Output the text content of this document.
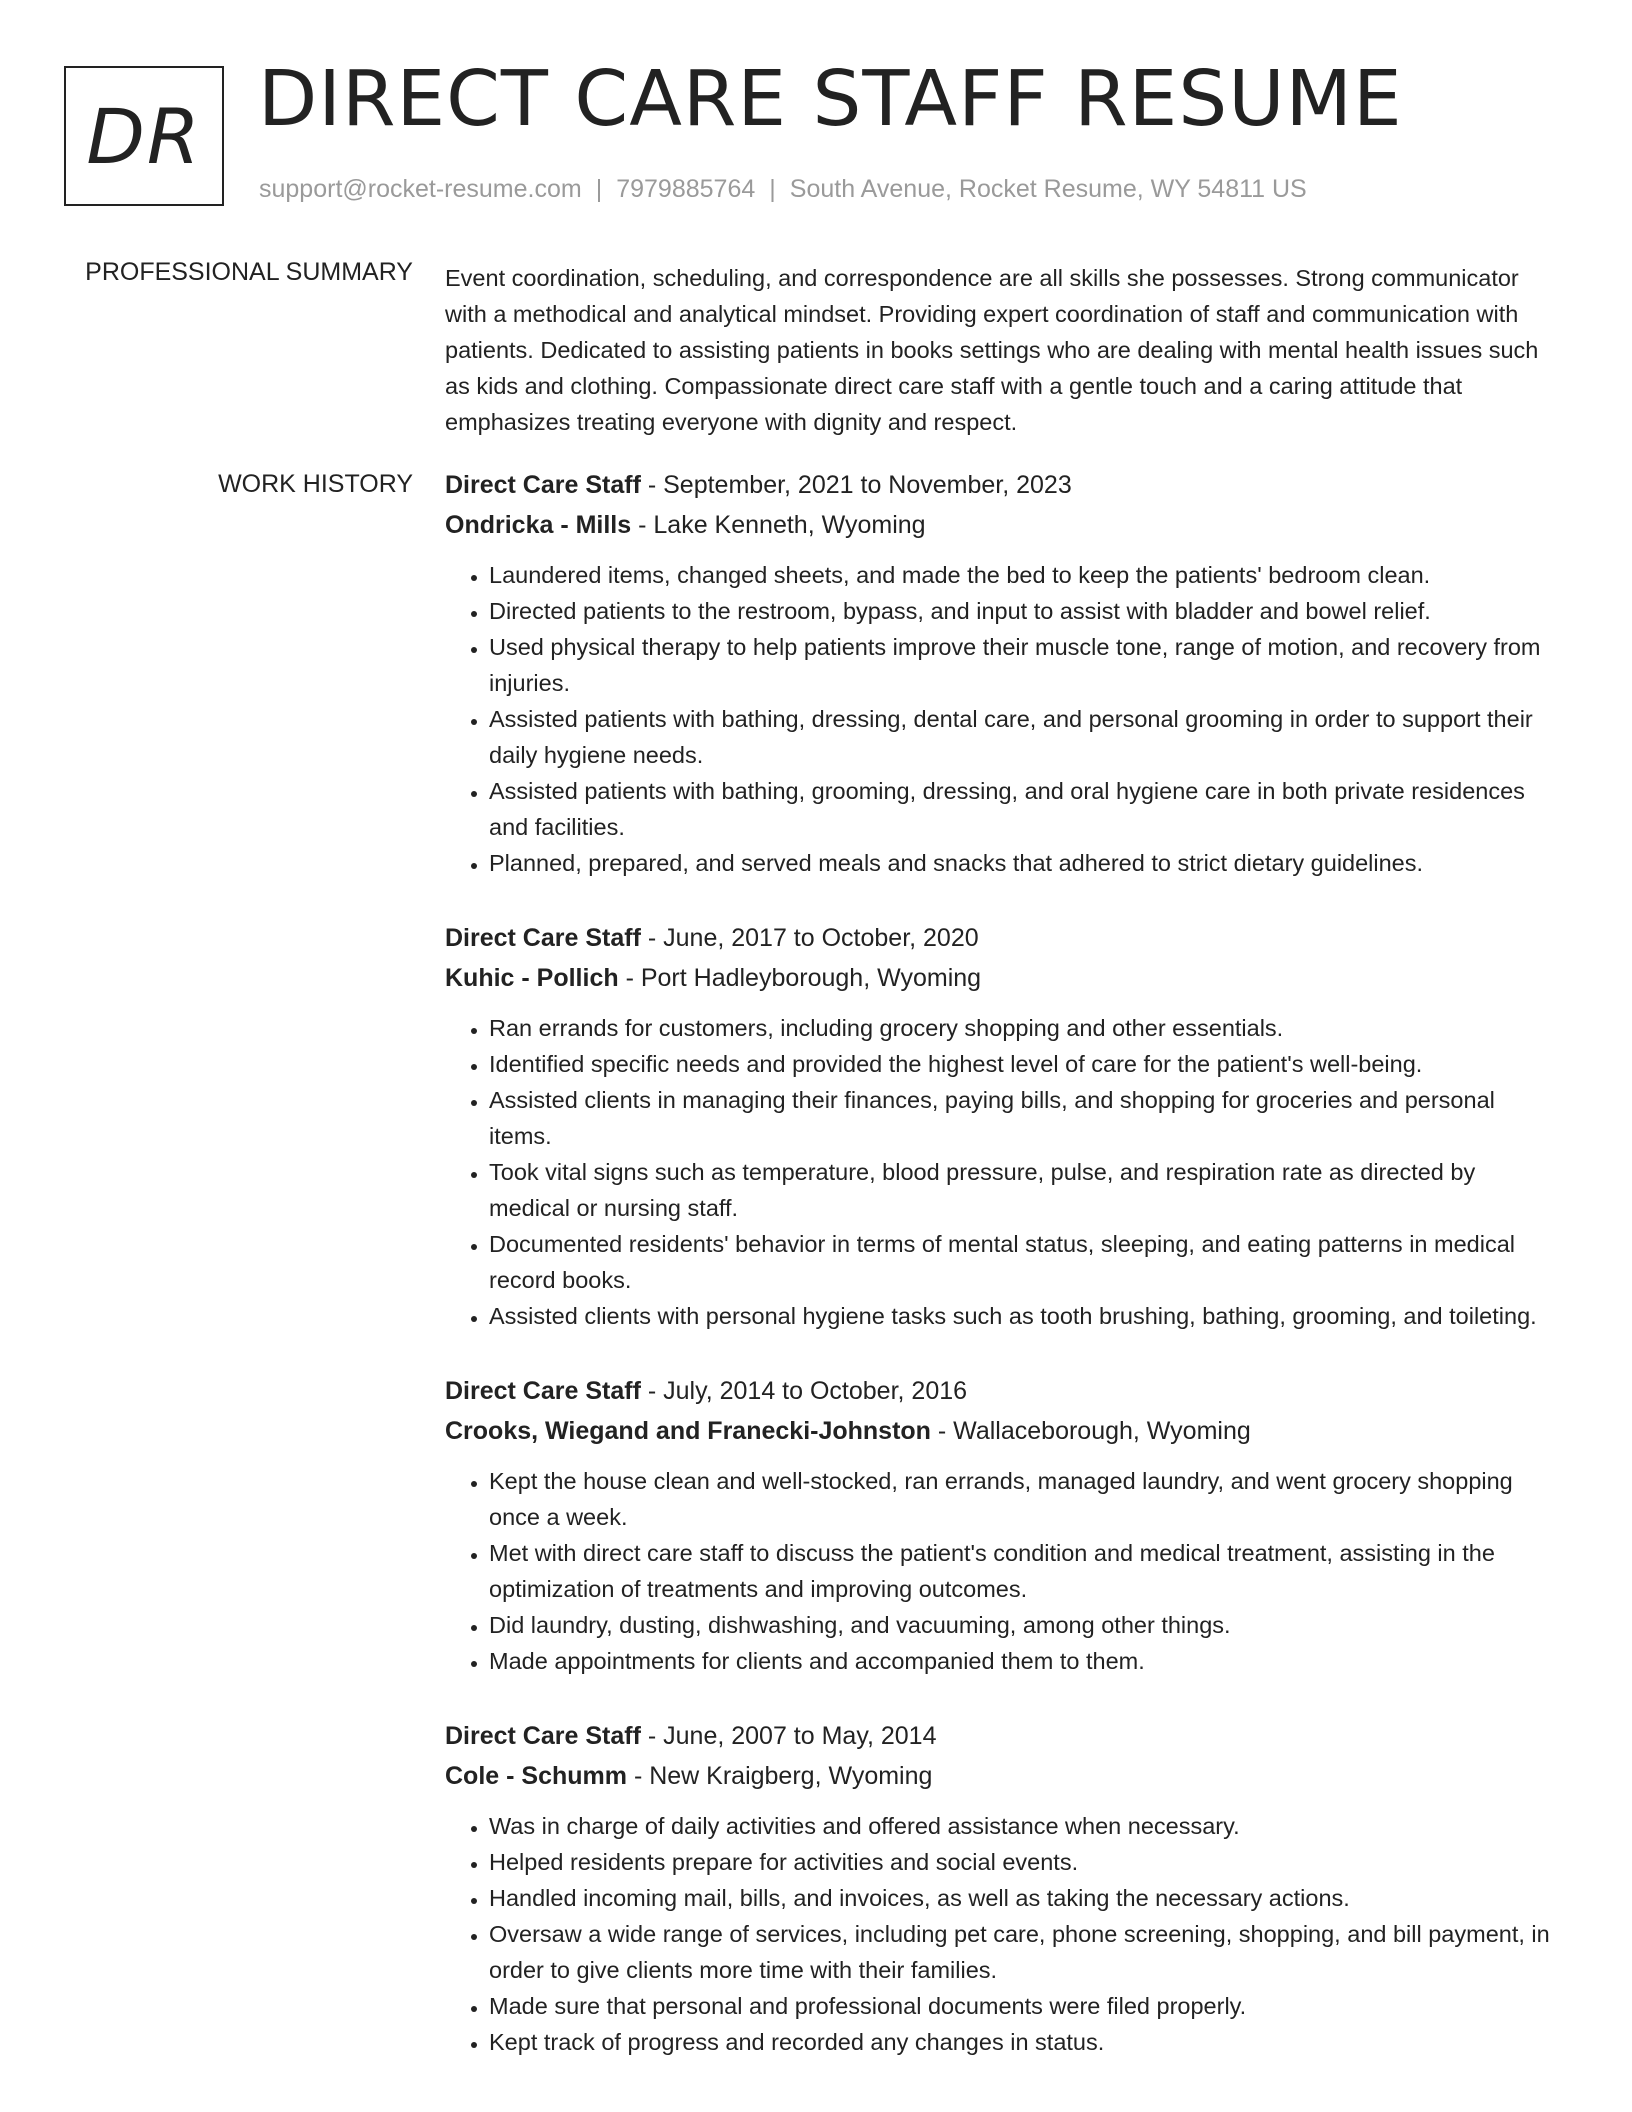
DR DIRECT CARE STAFF RESUME
support@rocket-resume.com | 7979885764 | South Avenue, Rocket Resume, WY 54811 US
PROFESSIONAL SUMMARY Event coordination, scheduling, and correspondence are all skills she possesses. Strong communicator with a methodical and analytical mindset. Providing expert coordination of staff and communication with patients. Dedicated to assisting patients in books settings who are dealing with mental health issues such as kids and clothing. Compassionate direct care staff with a gentle touch and a caring attitude that emphasizes treating everyone with dignity and respect.

WORK HISTORY Direct Care Staff - September, 2021 to November, 2023
Ondricka - Mills - Lake Kenneth, Wyoming
• Laundered items, changed sheets, and made the bed to keep the patients' bedroom clean.
• Directed patients to the restroom, bypass, and input to assist with bladder and bowel relief.
• Used physical therapy to help patients improve their muscle tone, range of motion, and recovery from injuries.
• Assisted patients with bathing, dressing, dental care, and personal grooming in order to support their daily hygiene needs.
• Assisted patients with bathing, grooming, dressing, and oral hygiene care in both private residences and facilities.
• Planned, prepared, and served meals and snacks that adhered to strict dietary guidelines.
Direct Care Staff - June, 2017 to October, 2020
Kuhic - Pollich - Port Hadleyborough, Wyoming
• Ran errands for customers, including grocery shopping and other essentials.
• Identified specific needs and provided the highest level of care for the patient's well-being.
• Assisted clients in managing their finances, paying bills, and shopping for groceries and personal items.
• Took vital signs such as temperature, blood pressure, pulse, and respiration rate as directed by medical or nursing staff.
• Documented residents' behavior in terms of mental status, sleeping, and eating patterns in medical record books.
• Assisted clients with personal hygiene tasks such as tooth brushing, bathing, grooming, and toileting.
Direct Care Staff - July, 2014 to October, 2016
Crooks, Wiegand and Franecki-Johnston - Wallaceborough, Wyoming
• Kept the house clean and well-stocked, ran errands, managed laundry, and went grocery shopping once a week.
• Met with direct care staff to discuss the patient's condition and medical treatment, assisting in the optimization of treatments and improving outcomes.
• Did laundry, dusting, dishwashing, and vacuuming, among other things.
• Made appointments for clients and accompanied them to them.
Direct Care Staff - June, 2007 to May, 2014
Cole - Schumm - New Kraigberg, Wyoming
• Was in charge of daily activities and offered assistance when necessary.
• Helped residents prepare for activities and social events.
• Handled incoming mail, bills, and invoices, as well as taking the necessary actions.
• Oversaw a wide range of services, including pet care, phone screening, shopping, and bill payment, in order to give clients more time with their families.
• Made sure that personal and professional documents were filed properly.
• Kept track of progress and recorded any changes in status.
